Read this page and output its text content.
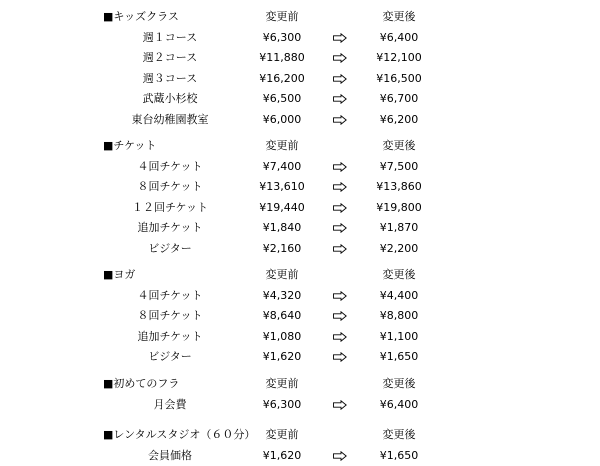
■キッズクラス	変更前	変更後
週１コース	¥6,300	¥6,400
週２コース	¥11,880	¥12,100
週３コース	¥16,200	¥16,500
武蔵小杉校	¥6,500	¥6,700
東台幼稚園教室	¥6,000	¥6,200
■チケット	変更前	変更後
４回チケット	¥7,400	¥7,500
８回チケット	¥13,610	¥13,860
１２回チケット	¥19,440	¥19,800
追加チケット	¥1,840	¥1,870
ビジター	¥2,160	¥2,200
■ヨガ	変更前	変更後
４回チケット	¥4,320	¥4,400
８回チケット	¥8,640	¥8,800
追加チケット	¥1,080	¥1,100
ビジター	¥1,620	¥1,650
■初めてのフラ	変更前	変更後
月会費	¥6,300	¥6,400
■レンタルスタジオ（６０分） 変更前	変更後
会員価格	¥1,620	¥1,650
